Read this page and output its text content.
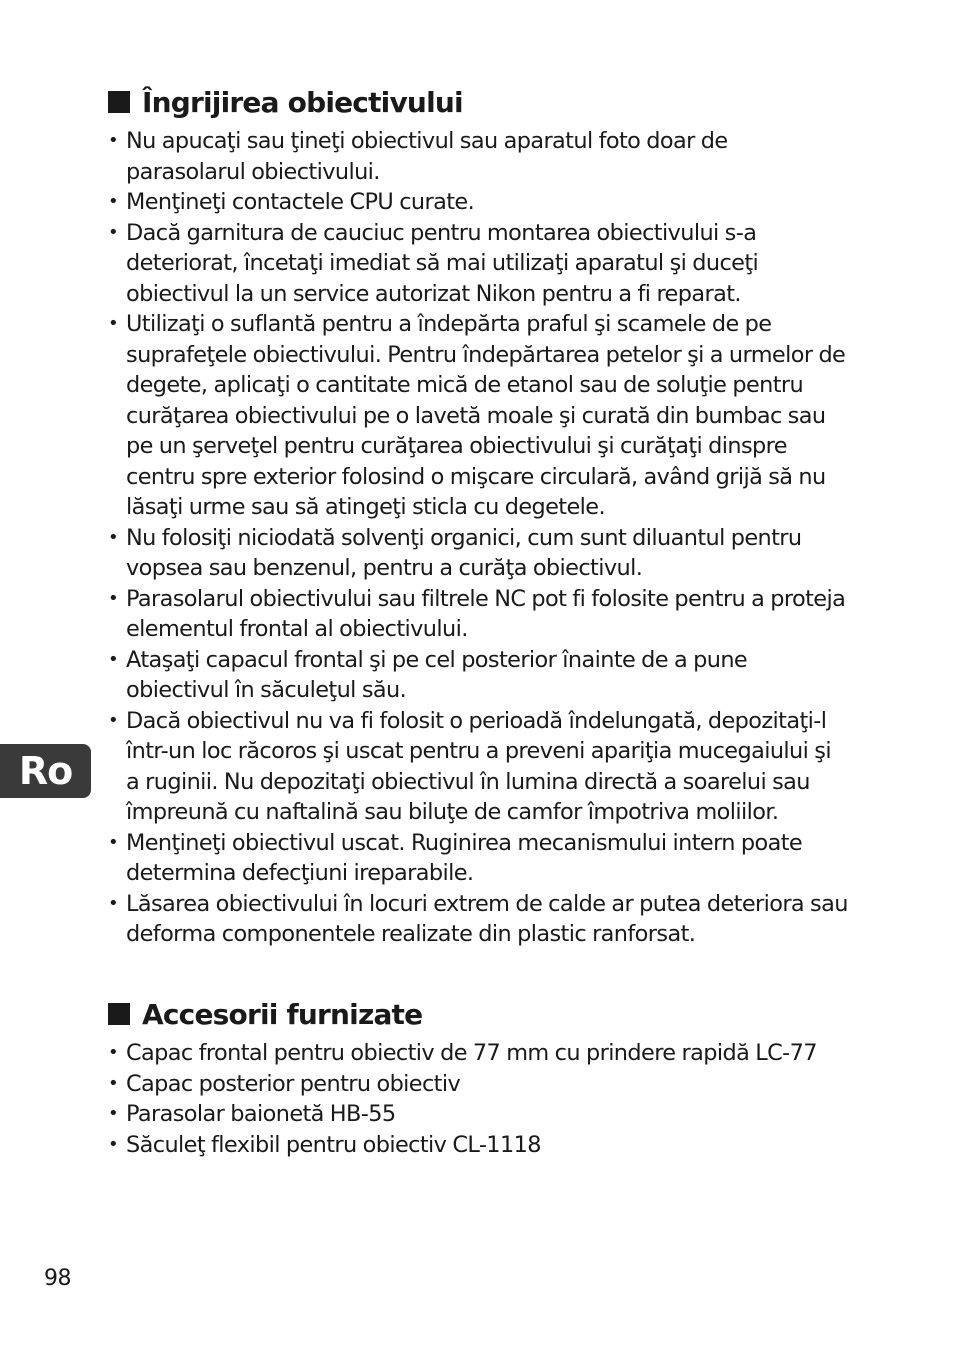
Îngrijirea obiectivului
• Nu apucaţi sau ţineţi obiectivul sau aparatul foto doar de parasolarul obiectivului.
• Menţineţi contactele CPU curate.
• Dacă garnitura de cauciuc pentru montarea obiectivului s-a deteriorat, încetaţi imediat să mai utilizaţi aparatul şi duceţi obiectivul la un service autorizat Nikon pentru a fi reparat.
• Utilizaţi o suflantă pentru a îndepărta praful şi scamele de pe suprafeţele obiectivului. Pentru îndepărtarea petelor şi a urmelor de degete, aplicaţi o cantitate mică de etanol sau de soluţie pentru curăţarea obiectivului pe o lavetă moale şi curată din bumbac sau pe un şerveţel pentru curăţarea obiectivului şi curăţaţi dinspre centru spre exterior folosind o mişcare circulară, având grijă să nu lăsaţi urme sau să atingeţi sticla cu degetele.
• Nu folosiţi niciodată solvenţi organici, cum sunt diluantul pentru vopsea sau benzenul, pentru a curăţa obiectivul.
• Parasolarul obiectivului sau filtrele NC pot fi folosite pentru a proteja elementul frontal al obiectivului.
• Ataşaţi capacul frontal şi pe cel posterior înainte de a pune obiectivul în săculeţul său.
• Dacă obiectivul nu va fi folosit o perioadă îndelungată, depozitaţi-l într-un loc răcoros şi uscat pentru a preveni apariţia mucegaiului şi a ruginii. Nu depozitaţi obiectivul în lumina directă a soarelui sau împreună cu naftalină sau biluţe de camfor împotriva moliilor.
• Menţineţi obiectivul uscat. Ruginirea mecanismului intern poate determina defecţiuni ireparabile.
• Lăsarea obiectivului în locuri extrem de calde ar putea deteriora sau deforma componentele realizate din plastic ranforsat.
Accesorii furnizate
• Capac frontal pentru obiectiv de 77 mm cu prindere rapidă LC-77
• Capac posterior pentru obiectiv
• Parasolar baionetă HB-55
• Săculeţ flexibil pentru obiectiv CL-1118
Ro
98
